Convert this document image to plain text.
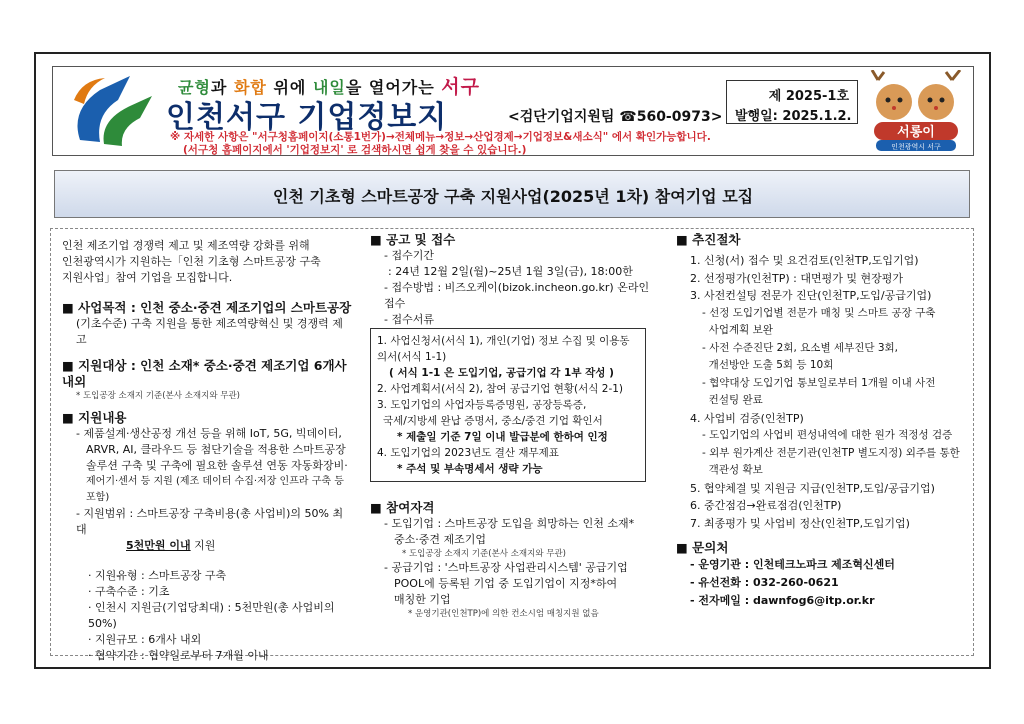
균형과 화합 위에 내일을 열어가는 서구
인천서구 기업정보지	<검단기업지원팀 ☎560-0973>
※ 자세한 사항은 "서구청홈페이지(소통1번가)→전체메뉴→정보→산업경제→기업정보&새소식" 에서 확인가능합니다.
(서구청 홈페이지에서 '기업정보지' 로 검색하시면 쉽게 찾을 수 있습니다.)
제 2025-1호
발행일: 2025.1.2.
서롱이
인천광역시 서구
인천 기초형 스마트공장 구축 지원사업(2025년 1차) 참여기업 모집
인천 제조기업 경쟁력 제고 및 제조역량 강화를 위해
인천광역시가 지원하는「인천 기초형 스마트공장 구축
지원사업」참여 기업을 모집합니다.
■ 사업목적 : 인천 중소·중견 제조기업의 스마트공장
(기초수준) 구축 지원을 통한 제조역량혁신 및 경쟁력 제고
■ 지원대상 : 인천 소재* 중소·중견 제조기업 6개사 내외
* 도입공장 소재지 기준(본사 소재지와 무관)
■ 지원내용
- 제품설계·생산공정 개선 등을 위해 IoT, 5G, 빅데이터,
ARVR, AI, 클라우드 등 첨단기술을 적용한 스마트공장
솔루션 구축 및 구축에 필요한 솔루션 연동 자동화장비·
제어기·센서 등 지원 (제조 데이터 수집·저장 인프라 구축 등 포함)
- 지원범위 : 스마트공장 구축비용(총 사업비)의 50% 최대
5천만원 이내 지원
· 지원유형 : 스마트공장 구축
· 구축수준 : 기초
· 인천시 지원금(기업당최대) : 5천만원(총 사업비의 50%)
· 지원규모 : 6개사 내외
· 협약기간 : 협약일로부터 7개월 이내
■ 공고 및 접수
- 접수기간
: 24년 12월 2일(월)~25년 1월 3일(금), 18:00한
- 접수방법 : 비즈오케이(bizok.incheon.go.kr) 온라인 접수
- 접수서류
1. 사업신청서(서식 1), 개인(기업) 정보 수집 및 이용동의서(서식 1-1)
( 서식 1-1 은 도입기업, 공급기업 각 1부 작성 )
2. 사업계획서(서식 2), 참여 공급기업 현황(서식 2-1)
3. 도입기업의 사업자등록증명원, 공장등록증,
국세/지방세 완납 증명서, 중소/중견 기업 확인서
* 제출일 기준 7일 이내 발급분에 한하여 인정
4. 도입기업의 2023년도 결산 재무제표
* 주석 및 부속명세서 생략 가능
■ 참여자격
- 도입기업 : 스마트공장 도입을 희망하는 인천 소재*
중소·중견 제조기업
* 도입공장 소재지 기준(본사 소재지와 무관)
- 공급기업 : '스마트공장 사업관리시스템' 공급기업
POOL에 등록된 기업 중 도입기업이 지정*하여
매칭한 기업
* 운영기관(인천TP)에 의한 컨소시엄 매칭지원 없음
■ 추진절차
1. 신청(서) 접수 및 요건검토(인천TP,도입기업)
2. 선정평가(인천TP) : 대면평가 및 현장평가
3. 사전컨설팅 전문가 진단(인천TP,도입/공급기업)
- 선정 도입기업별 전문가 매칭 및 스마트 공장 구축
사업계획 보완
- 사전 수준진단 2회, 요소별 세부진단 3회,
개선방안 도출 5회 등 10회
- 협약대상 도입기업 통보일로부터 1개월 이내 사전
컨설팅 완료
4. 사업비 검증(인천TP)
- 도입기업의 사업비 편성내역에 대한 원가 적정성 검증
- 외부 원가계산 전문기관(인천TP 별도지정) 외주를 통한
객관성 확보
5. 협약체결 및 지원금 지급(인천TP,도입/공급기업)
6. 중간점검→완료점검(인천TP)
7. 최종평가 및 사업비 정산(인천TP,도입기업)
■ 문의처
- 운영기관 : 인천테크노파크 제조혁신센터
- 유선전화 : 032-260-0621
- 전자메일 : dawnfog6@itp.or.kr
